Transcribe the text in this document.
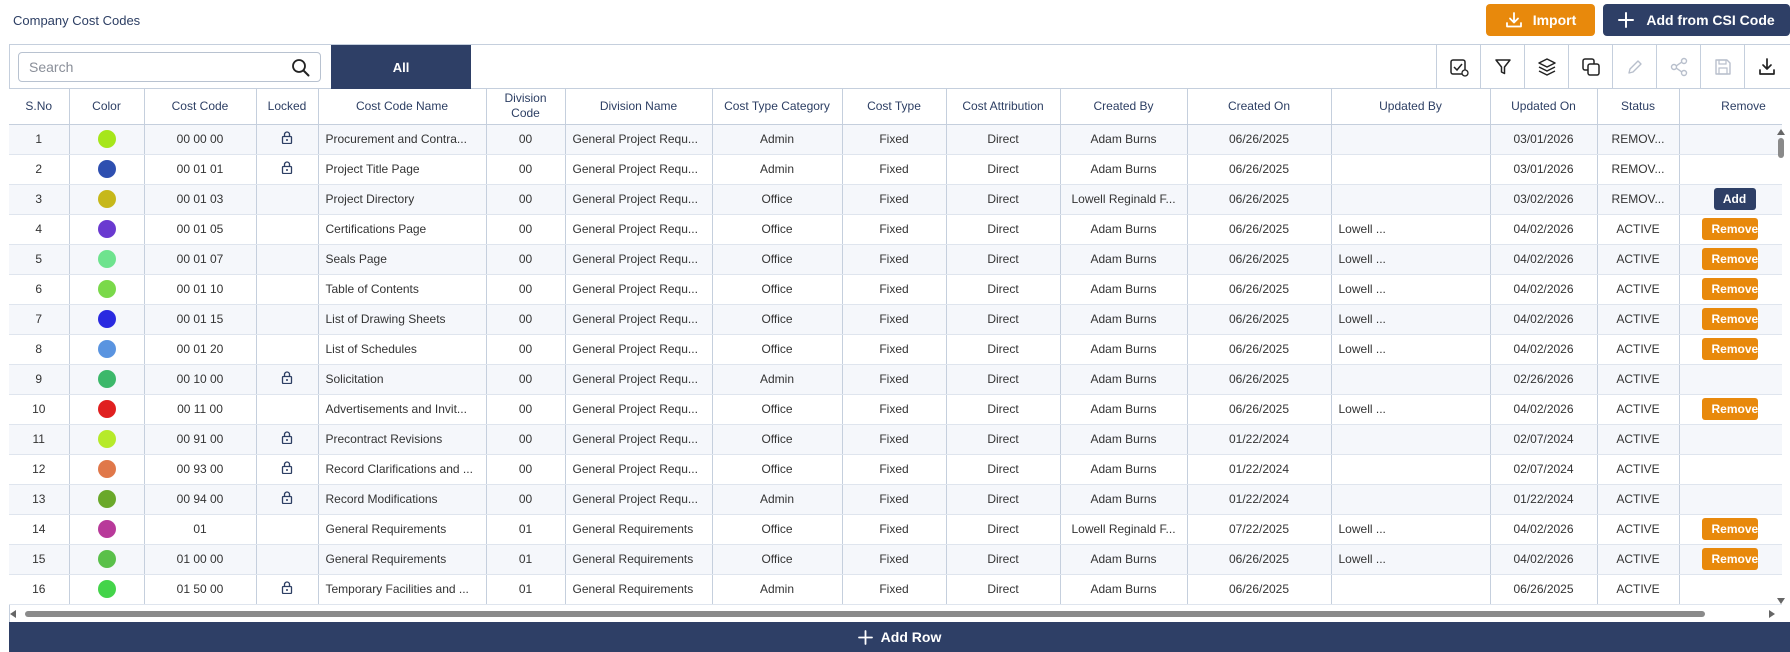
Company Cost Codes	Import	Add from CSI Code
Search
All
S.No	Color	Cost Code	Locked	Cost Code Name	Division Code	Division Name	Cost Type Category	Cost Type	Cost Attribution	Created By	Created On	Updated By	Updated On	Status	Remove
1		00 00 00		Procurement and Contra...	00	General Project Requ...	Admin	Fixed	Direct	Adam Burns	06/26/2025		03/01/2026	REMOV...	
2		00 01 01		Project Title Page	00	General Project Requ...	Admin	Fixed	Direct	Adam Burns	06/26/2025		03/01/2026	REMOV...	
3		00 01 03		Project Directory	00	General Project Requ...	Office	Fixed	Direct	Lowell Reginald F...	06/26/2025		03/02/2026	REMOV...	Add
4		00 01 05		Certifications Page	00	General Project Requ...	Office	Fixed	Direct	Adam Burns	06/26/2025	Lowell ...	04/02/2026	ACTIVE	Remove
5		00 01 07		Seals Page	00	General Project Requ...	Office	Fixed	Direct	Adam Burns	06/26/2025	Lowell ...	04/02/2026	ACTIVE	Remove
6		00 01 10		Table of Contents	00	General Project Requ...	Office	Fixed	Direct	Adam Burns	06/26/2025	Lowell ...	04/02/2026	ACTIVE	Remove
7		00 01 15		List of Drawing Sheets	00	General Project Requ...	Office	Fixed	Direct	Adam Burns	06/26/2025	Lowell ...	04/02/2026	ACTIVE	Remove
8		00 01 20		List of Schedules	00	General Project Requ...	Office	Fixed	Direct	Adam Burns	06/26/2025	Lowell ...	04/02/2026	ACTIVE	Remove
9		00 10 00		Solicitation	00	General Project Requ...	Admin	Fixed	Direct	Adam Burns	06/26/2025		02/26/2026	ACTIVE	
10		00 11 00		Advertisements and Invit...	00	General Project Requ...	Office	Fixed	Direct	Adam Burns	06/26/2025	Lowell ...	04/02/2026	ACTIVE	Remove
11		00 91 00		Precontract Revisions	00	General Project Requ...	Office	Fixed	Direct	Adam Burns	01/22/2024		02/07/2024	ACTIVE	
12		00 93 00		Record Clarifications and ...	00	General Project Requ...	Office	Fixed	Direct	Adam Burns	01/22/2024		02/07/2024	ACTIVE	
13		00 94 00		Record Modifications	00	General Project Requ...	Admin	Fixed	Direct	Adam Burns	01/22/2024		01/22/2024	ACTIVE	
14		01		General Requirements	01	General Requirements	Office	Fixed	Direct	Lowell Reginald F...	07/22/2025	Lowell ...	04/02/2026	ACTIVE	Remove
15		01 00 00		General Requirements	01	General Requirements	Office	Fixed	Direct	Adam Burns	06/26/2025	Lowell ...	04/02/2026	ACTIVE	Remove
16		01 50 00		Temporary Facilities and ...	01	General Requirements	Admin	Fixed	Direct	Adam Burns	06/26/2025		06/26/2025	ACTIVE	
Add Row
